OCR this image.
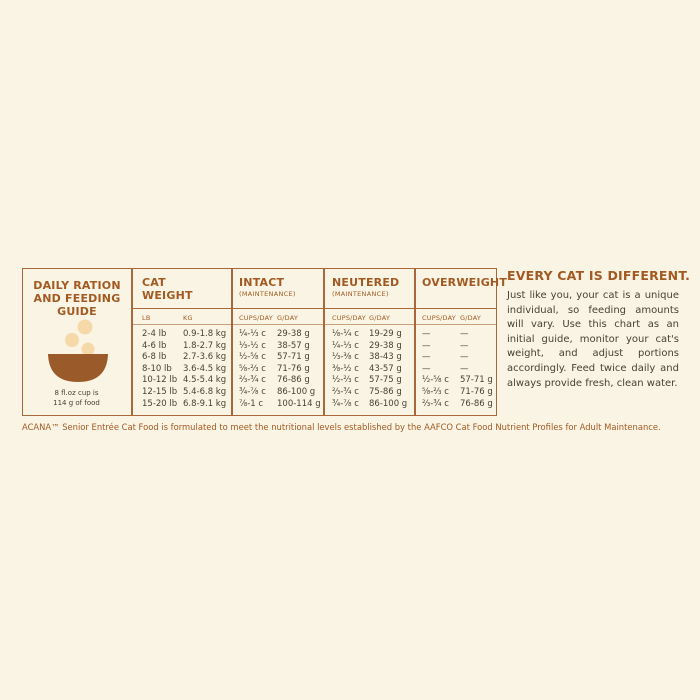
DAILY RATION
AND FEEDING GUIDE
8 fl.oz cup is
114 g of food
CAT
WEIGHT
LB	KG
2-4 lb
4-6 lb
6-8 lb
8-10 lb
10-12 lb
12-15 lb
15-20 lb
0.9-1.8 kg
1.8-2.7 kg
2.7-3.6 kg
3.6-4.5 kg
4.5-5.4 kg
5.4-6.8 kg
6.8-9.1 kg
INTACT
(MAINTENANCE)
CUPS/DAY G/DAY
¼-⅓ c
⅓-½ c
½-⅝ c
⅝-⅔ c
⅔-¾ c
¾-⅞ c
⅞-1 c
29-38 g
38-57 g
57-71 g
71-76 g
76-86 g
86-100 g
100-114 g
NEUTERED
(MAINTENANCE)
CUPS/DAY G/DAY
⅛-¼ c
¼-⅓ c
⅓-⅜ c
⅜-½ c
½-⅔ c
⅔-¾ c
¾-⅞ c
19-29 g
29-38 g
38-43 g
43-57 g
57-75 g
75-86 g
86-100 g
OVERWEIGHT
CUPS/DAY G/DAY
—
—
—
—
½-⅝ c
⅝-⅔ c
⅔-¾ c
—
—
—
—
57-71 g
71-76 g
76-86 g
ACANA™ Senior Entrée Cat Food is formulated to meet the nutritional levels established by the AAFCO Cat Food Nutrient Profiles for Adult Maintenance.
EVERY CAT IS DIFFERENT.
Just like you, your cat is a unique individual, so feeding amounts will vary. Use this chart as an initial guide, monitor your cat's weight, and adjust portions accordingly. Feed twice daily and always provide fresh, clean water.
